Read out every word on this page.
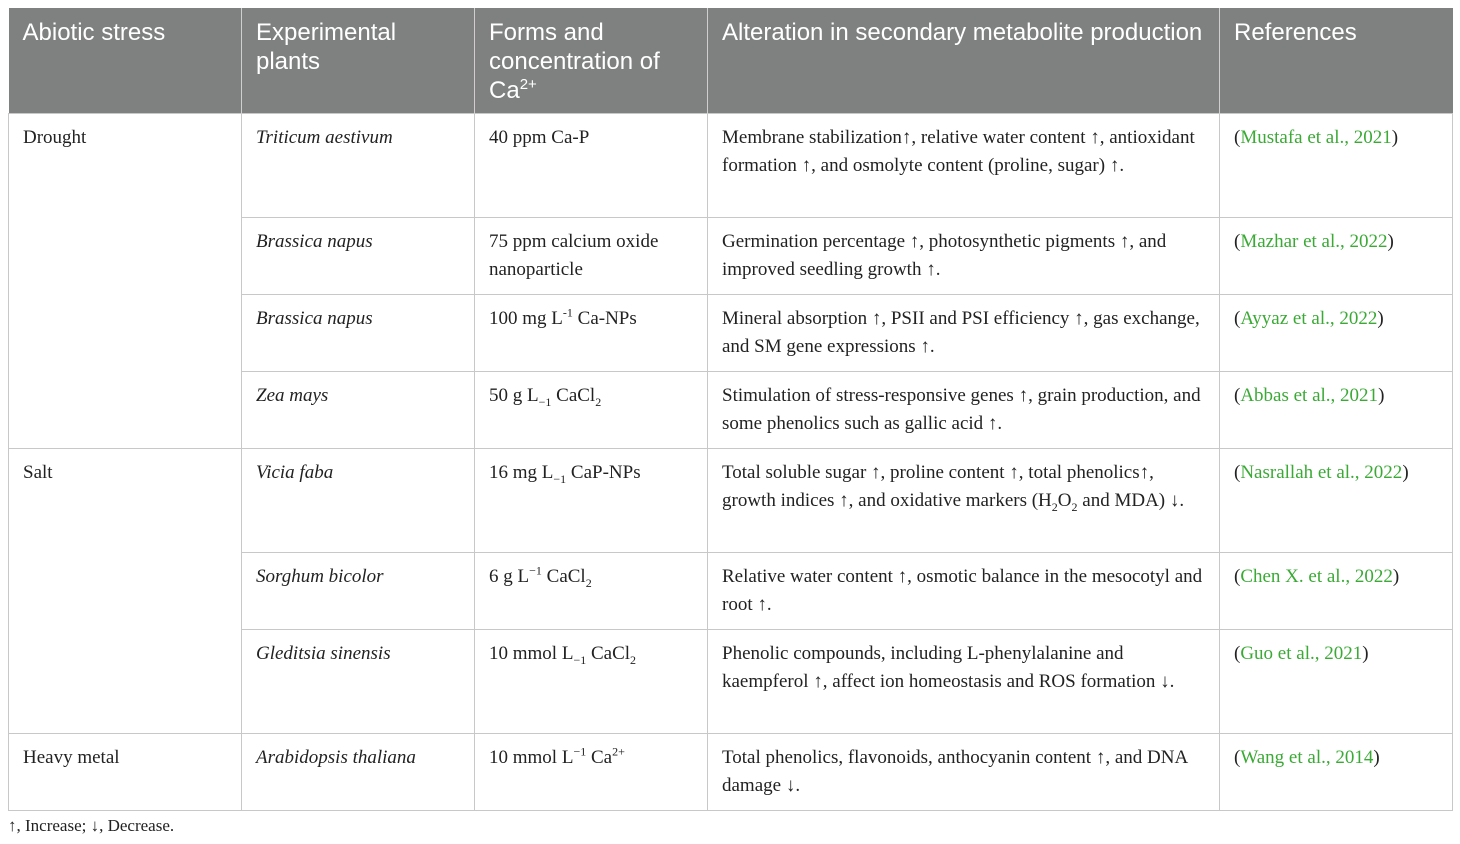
Abiotic stress	Experimental plants	Forms and concentration of $Ca^{2+}$	Alteration in secondary metabolite production	References
Drought	Triticum aestivum	40 ppm Ca-P	Membrane stabilization↑, relative water content ↑, antioxidant formation ↑, and osmolyte content (proline, sugar) ↑.	(Mustafa et al., 2021)
	Brassica napus	75 ppm calcium oxide nanoparticle	Germination percentage ↑, photosynthetic pigments ↑, and improved seedling growth ↑.	(Mazhar et al., 2022)
	Brassica napus	100 mg $L^{-1}$ Ca-NPs	Mineral absorption ↑, PSII and PSI efficiency ↑, gas exchange, and SM gene expressions ↑.	(Ayyaz et al., 2022)
	Zea mays	50 g $L_{-1}$ CaCl$_2$	Stimulation of stress-responsive genes ↑, grain production, and some phenolics such as gallic acid ↑.	(Abbas et al., 2021)
Salt	Vicia faba	16 mg $L_{-1}$ CaP-NPs	Total soluble sugar ↑, proline content ↑, total phenolics↑, growth indices ↑, and oxidative markers ($H_2O_2$ and MDA) ↓.	(Nasrallah et al., 2022)
	Sorghum bicolor	6 g $L^{-1}$ CaCl$_2$	Relative water content ↑, osmotic balance in the mesocotyl and root ↑.	(Chen X. et al., 2022)
	Gleditsia sinensis	10 mmol $L_{-1}$ CaCl$_2$	Phenolic compounds, including L-phenylalanine and kaempferol ↑, affect ion homeostasis and ROS formation ↓.	(Guo et al., 2021)
Heavy metal	Arabidopsis thaliana	10 mmol $L^{-1}$ $Ca^{2+}$	Total phenolics, flavonoids, anthocyanin content ↑, and DNA damage ↓.	(Wang et al., 2014)
↑, Increase; ↓, Decrease.
